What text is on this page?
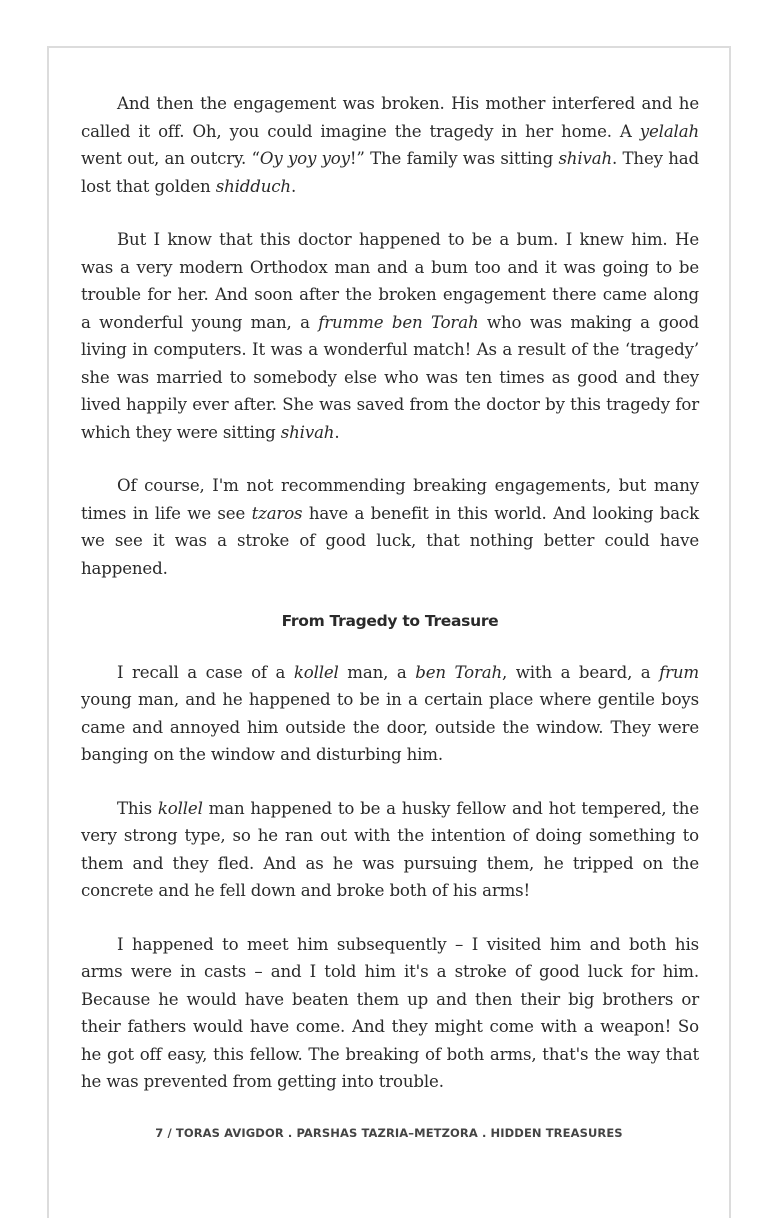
And then the engagement was broken. His mother interfered and he called it off. Oh, you could imagine the tragedy in her home. A yelalah went out, an outcry. “Oy yoy yoy!” The family was sitting shivah. They had lost that golden shidduch.

But I know that this doctor happened to be a bum. I knew him. He was a very modern Orthodox man and a bum too and it was going to be trouble for her. And soon after the broken engagement there came along a wonderful young man, a frumme ben Torah who was making a good living in computers. It was a wonderful match! As a result of the ‘tragedy’ she was married to somebody else who was ten times as good and they lived happily ever after. She was saved from the doctor by this tragedy for which they were sitting shivah.

Of course, I'm not recommending breaking engagements, but many times in life we see tzaros have a benefit in this world. And looking back we see it was a stroke of good luck, that nothing better could have happened.

From Tragedy to Treasure

I recall a case of a kollel man, a ben Torah, with a beard, a frum young man, and he happened to be in a certain place where gentile boys came and annoyed him outside the door, outside the window. They were banging on the window and disturbing him.

This kollel man happened to be a husky fellow and hot tempered, the very strong type, so he ran out with the intention of doing something to them and they fled. And as he was pursuing them, he tripped on the concrete and he fell down and broke both of his arms!

I happened to meet him subsequently – I visited him and both his arms were in casts – and I told him it's a stroke of good luck for him. Because he would have beaten them up and then their big brothers or their fathers would have come. And they might come with a weapon! So he got off easy, this fellow. The breaking of both arms, that's the way that he was prevented from getting into trouble.

7 / TORAS AVIGDOR . PARSHAS TAZRIA–METZORA . HIDDEN TREASURES
